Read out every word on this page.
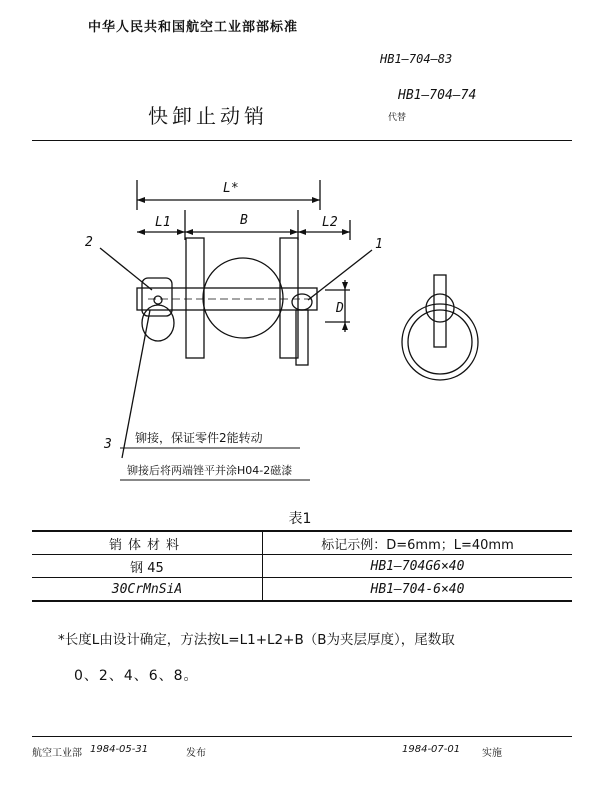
中华人民共和国航空工业部部标准
HB1—704—83
快卸止动销
HB1—704—74
代替
L*
L1	B	L2
D
1
2
3 铆接，保证零件2能转动
铆接后将两端锉平并涂H04-2磁漆
表1
销体材料	标记示例：D=6mm；L=40mm
钢 45	HB1—704G6×40
30CrMnSiA	HB1—704-6×40
*长度L由设计确定，方法按L=L1+L2+B（B为夹层厚度），尾数取
0、2、4、6、8。
航空工业部 1984-05-31	发布	1984-07-01 实施
